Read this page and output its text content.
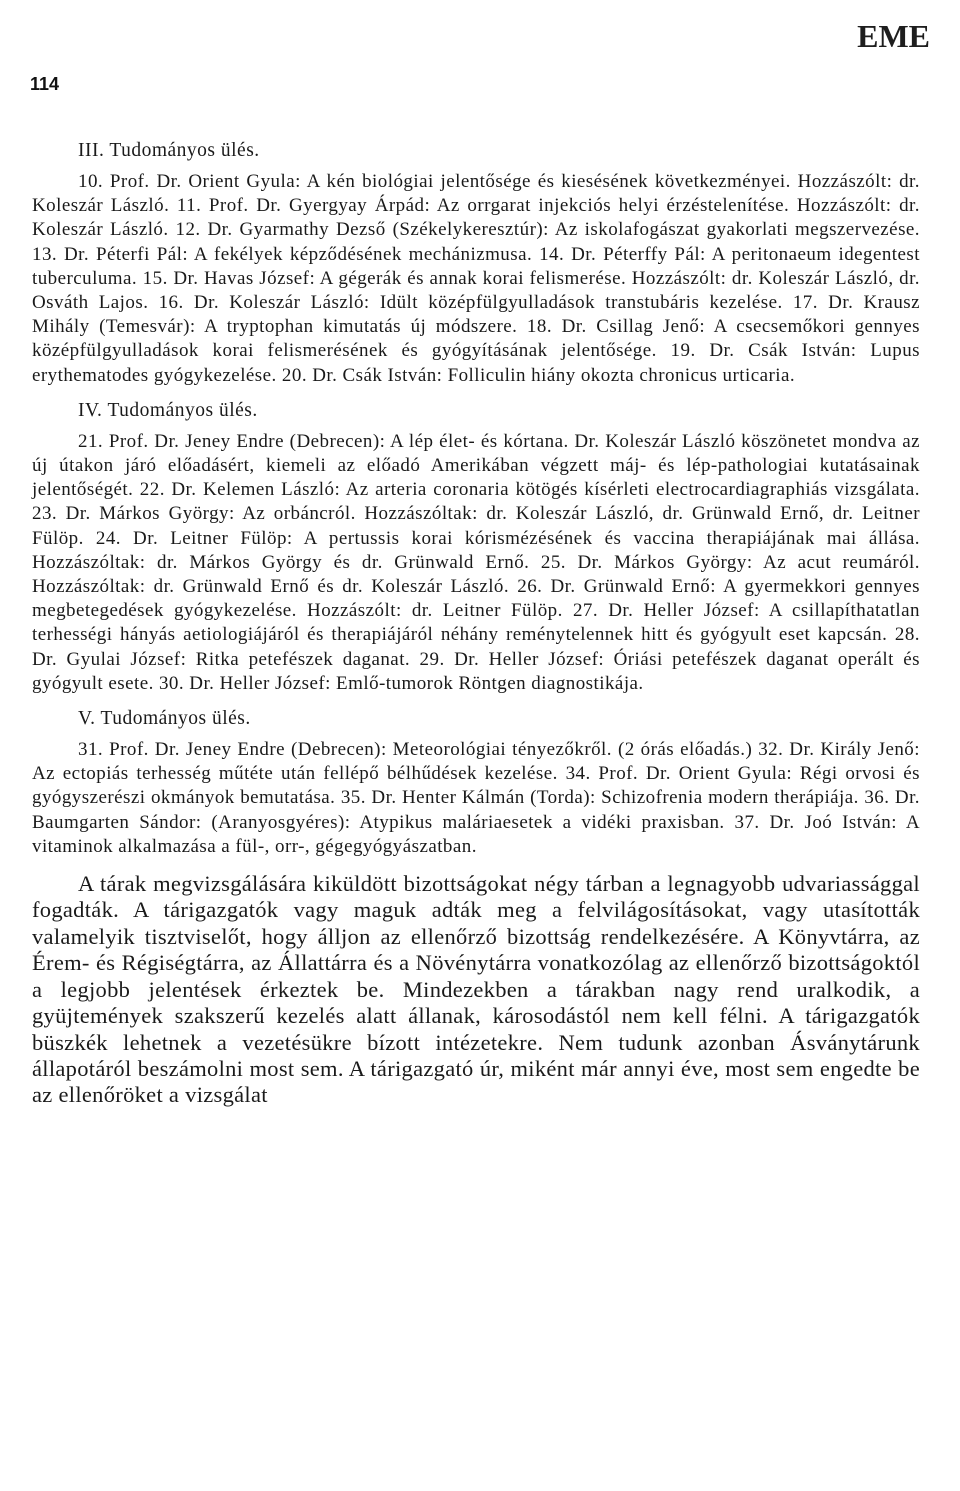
EME
114
III. Tudományos ülés.

10. Prof. Dr. Orient Gyula: A kén biológiai jelentősége és kiesésének következményei. Hozzászólt: dr. Koleszár László. 11. Prof. Dr. Gyergyay Árpád: Az orrgarat injekciós helyi érzéstelenítése. Hozzászólt: dr. Koleszár László. 12. Dr. Gyarmathy Dezső (Székelykeresztúr): Az iskolafogászat gyakorlati megszervezése. 13. Dr. Péterfi Pál: A fekélyek képződésének mechánizmusa. 14. Dr. Péterffy Pál: A peritonaeum idegentest tuberculuma. 15. Dr. Havas József: A gégerák és annak korai felismerése. Hozzászólt: dr. Koleszár László, dr. Osváth Lajos. 16. Dr. Koleszár László: Idült középfülgyulladások transtubáris kezelése. 17. Dr. Krausz Mihály (Temesvár): A tryptophan kimutatás új módszere. 18. Dr. Csillag Jenő: A csecsemőkori gennyes középfülgyulladások korai felismerésének és gyógyításának jelentősége. 19. Dr. Csák István: Lupus erythematodes gyógykezelése. 20. Dr. Csák István: Folliculin hiány okozta chronicus urticaria.

IV. Tudományos ülés.

21. Prof. Dr. Jeney Endre (Debrecen): A lép élet- és kórtana. Dr. Koleszár László köszönetet mondva az új útakon járó előadásért, kiemeli az előadó Amerikában végzett máj- és lép-pathologiai kutatásainak jelentőségét. 22. Dr. Kelemen László: Az arteria coronaria kötögés kísérleti electrocardiagraphiás vizsgálata. 23. Dr. Márkos György: Az orbáncról. Hozzászóltak: dr. Koleszár László, dr. Grünwald Ernő, dr. Leitner Fülöp. 24. Dr. Leitner Fülöp: A pertussis korai kórismézésének és vaccina therapiájának mai állása. Hozzászóltak: dr. Márkos György és dr. Grünwald Ernő. 25. Dr. Márkos György: Az acut reumáról. Hozzászóltak: dr. Grünwald Ernő és dr. Koleszár László. 26. Dr. Grünwald Ernő: A gyermekkori gennyes megbetegedések gyógykezelése. Hozzászólt: dr. Leitner Fülöp. 27. Dr. Heller József: A csillapíthatatlan terhességi hányás aetiologiájáról és therapiájáról néhány reménytelennek hitt és gyógyult eset kapcsán. 28. Dr. Gyulai József: Ritka petefészek daganat. 29. Dr. Heller József: Óriási petefészek daganat operált és gyógyult esete. 30. Dr. Heller József: Emlő-tumorok Röntgen diagnostikája.

V. Tudományos ülés.

31. Prof. Dr. Jeney Endre (Debrecen): Meteorológiai tényezőkről. (2 órás előadás.) 32. Dr. Király Jenő: Az ectopiás terhesség műtéte után fellépő bélhűdések kezelése. 34. Prof. Dr. Orient Gyula: Régi orvosi és gyógyszerészi okmányok bemutatása. 35. Dr. Henter Kálmán (Torda): Schizofrenia modern therápiája. 36. Dr. Baumgarten Sándor: (Aranyosgyéres): Atypikus maláriaesetek a vidéki praxisban. 37. Dr. Joó István: A vitaminok alkalmazása a fül-, orr-, gégegyógyászatban.

A tárak megvizsgálására kiküldött bizottságokat négy tárban a legnagyobb udvariassággal fogadták. A tárigazgatók vagy maguk adták meg a felvilágosításokat, vagy utasították valamelyik tisztviselőt, hogy álljon az ellenőrző bizottság rendelkezésére. A Könyvtárra, az Érem- és Régiségtárra, az Állattárra és a Növénytárra vonatkozólag az ellenőrző bizottságoktól a legjobb jelentések érkeztek be. Mindezekben a tárakban nagy rend uralkodik, a gyüjtemények szakszerű kezelés alatt állanak, károsodástól nem kell félni. A tárigazgatók büszkék lehetnek a vezetésükre bízott intézetekre. Nem tudunk azonban Ásványtárunk állapotáról beszámolni most sem. A tárigazgató úr, miként már annyi éve, most sem engedte be az ellenőröket a vizsgálat
